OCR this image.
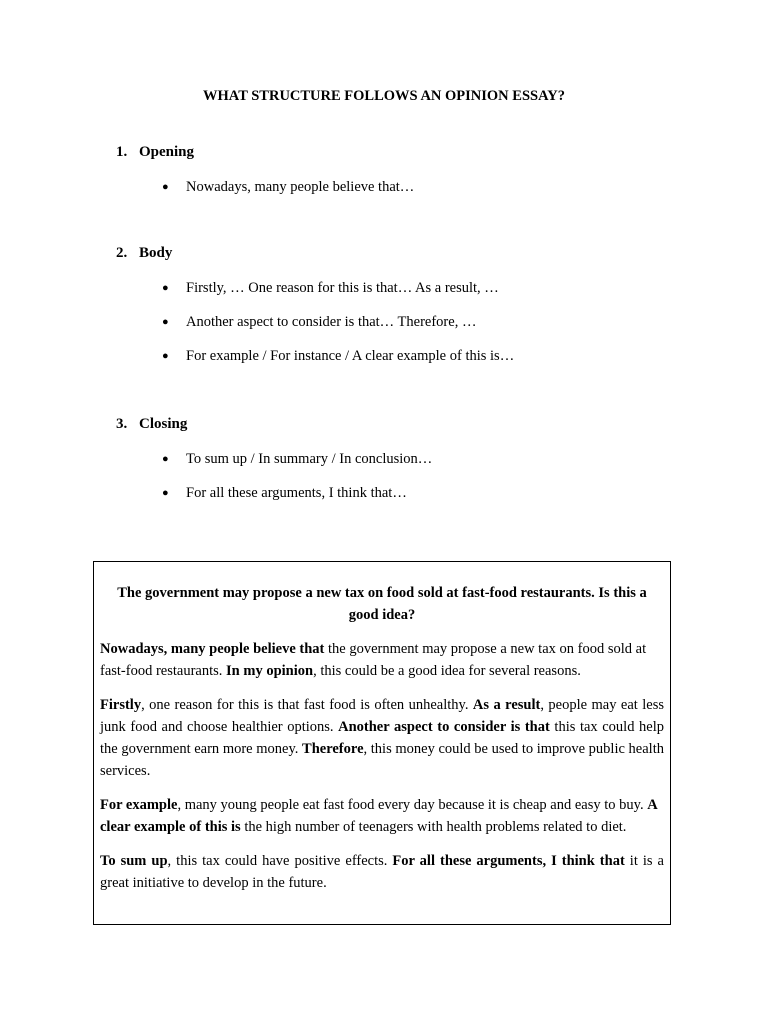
WHAT STRUCTURE FOLLOWS AN OPINION ESSAY?
1. Opening
● Nowadays, many people believe that…
2. Body
● Firstly, … One reason for this is that… As a result, …
● Another aspect to consider is that… Therefore, …
● For example / For instance / A clear example of this is…
3. Closing
● To sum up / In summary / In conclusion…
● For all these arguments, I think that…

The government may propose a new tax on food sold at fast-food restaurants. Is this a good idea?

Nowadays, many people believe that the government may propose a new tax on food sold at fast-food restaurants. In my opinion, this could be a good idea for several reasons.

Firstly, one reason for this is that fast food is often unhealthy. As a result, people may eat less junk food and choose healthier options. Another aspect to consider is that this tax could help the government earn more money. Therefore, this money could be used to improve public health services.

For example, many young people eat fast food every day because it is cheap and easy to buy. A clear example of this is the high number of teenagers with health problems related to diet.

To sum up, this tax could have positive effects. For all these arguments, I think that it is a great initiative to develop in the future.
